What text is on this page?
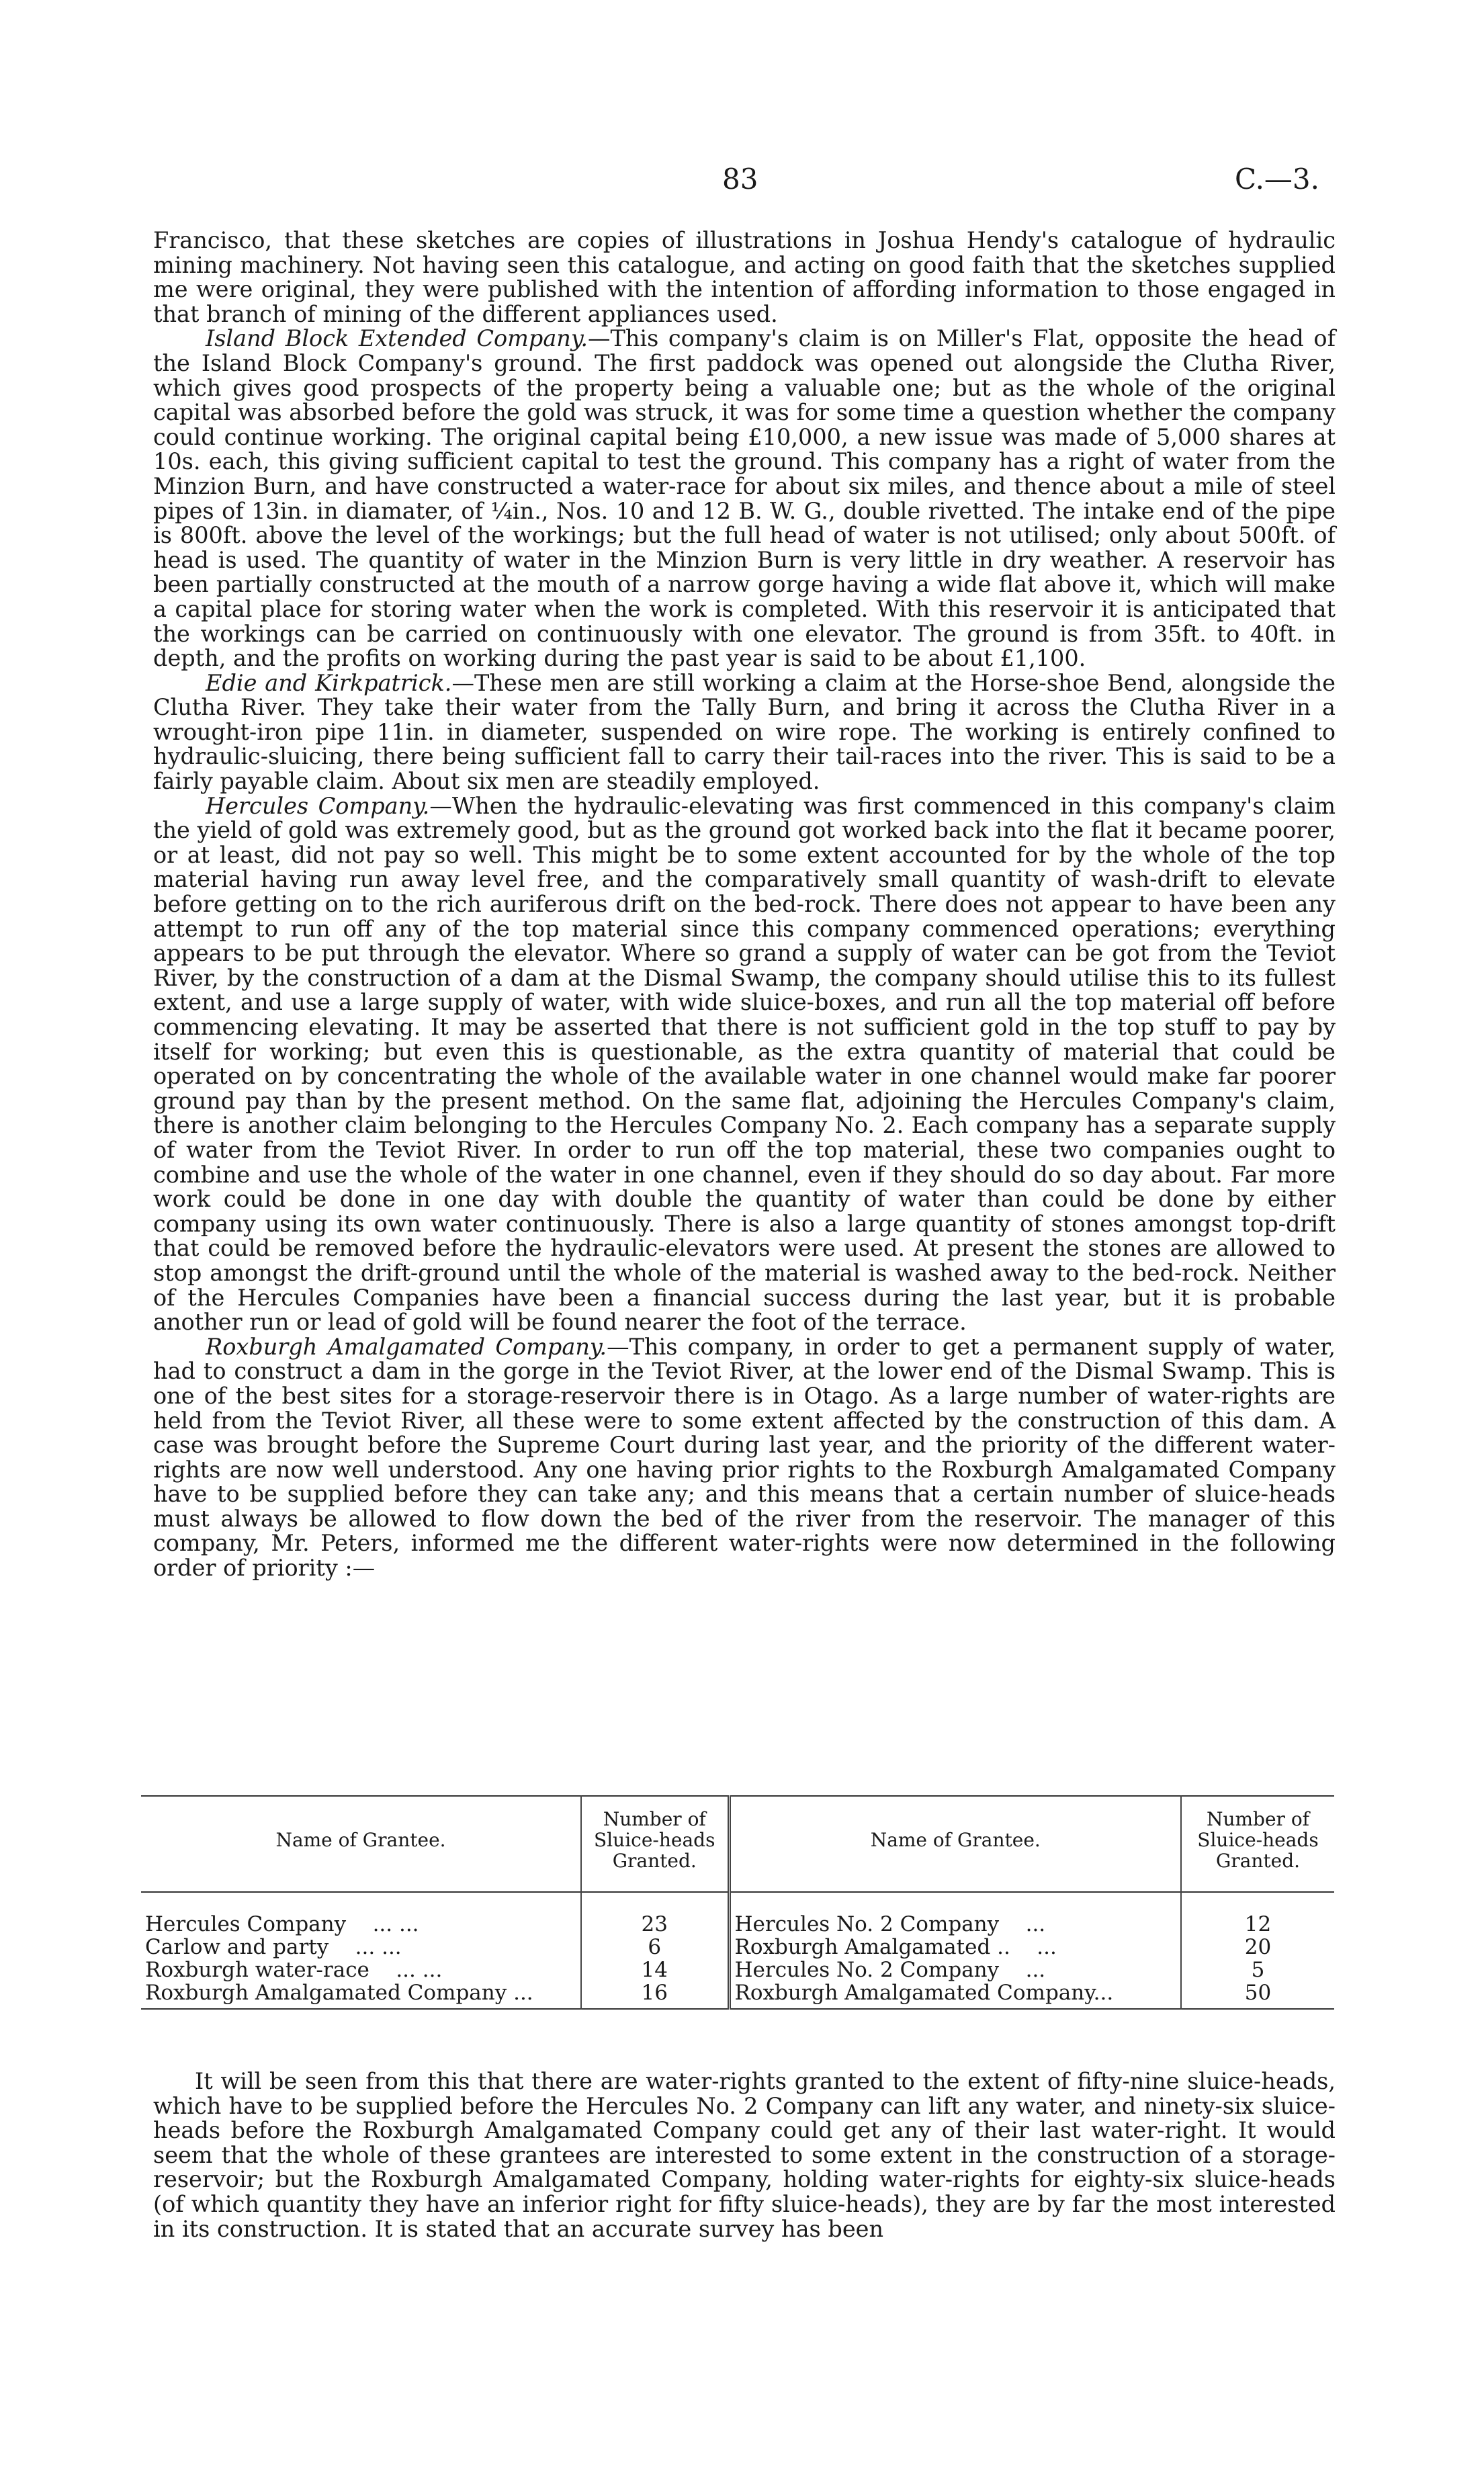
83	C.—3.

Francisco, that these sketches are copies of illustrations in Joshua Hendy's catalogue of hydraulic mining machinery. Not having seen this catalogue, and acting on good faith that the sketches supplied me were original, they were published with the intention of affording information to those engaged in that branch of mining of the different appliances used.

Island Block Extended Company.—This company's claim is on Miller's Flat, opposite the head of the Island Block Company's ground. The first paddock was opened out alongside the Clutha River, which gives good prospects of the property being a valuable one; but as the whole of the original capital was absorbed before the gold was struck, it was for some time a question whether the company could continue working. The original capital being £10,000, a new issue was made of 5,000 shares at 10s. each, this giving sufficient capital to test the ground. This company has a right of water from the Minzion Burn, and have constructed a water-race for about six miles, and thence about a mile of steel pipes of 13in. in diamater, of ¼in., Nos. 10 and 12 B. W. G., double rivetted. The intake end of the pipe is 800ft. above the level of the workings; but the full head of water is not utilised; only about 500ft. of head is used. The quantity of water in the Minzion Burn is very little in dry weather. A reservoir has been partially constructed at the mouth of a narrow gorge having a wide flat above it, which will make a capital place for storing water when the work is completed. With this reservoir it is anticipated that the workings can be carried on continuously with one elevator. The ground is from 35ft. to 40ft. in depth, and the profits on working during the past year is said to be about £1,100.

Edie and Kirkpatrick.—These men are still working a claim at the Horse-shoe Bend, alongside the Clutha River. They take their water from the Tally Burn, and bring it across the Clutha River in a wrought-iron pipe 11in. in diameter, suspended on wire rope. The working is entirely confined to hydraulic-sluicing, there being sufficient fall to carry their tail-races into the river. This is said to be a fairly payable claim. About six men are steadily employed.

Hercules Company.—When the hydraulic-elevating was first commenced in this company's claim the yield of gold was extremely good, but as the ground got worked back into the flat it became poorer, or at least, did not pay so well. This might be to some extent accounted for by the whole of the top material having run away level free, and the comparatively small quantity of wash-drift to elevate before getting on to the rich auriferous drift on the bed-rock. There does not appear to have been any attempt to run off any of the top material since this company commenced operations; everything appears to be put through the elevator. Where so grand a supply of water can be got from the Teviot River, by the construction of a dam at the Dismal Swamp, the company should utilise this to its fullest extent, and use a large supply of water, with wide sluice-boxes, and run all the top material off before commencing elevating. It may be asserted that there is not sufficient gold in the top stuff to pay by itself for working; but even this is questionable, as the extra quantity of material that could be operated on by concentrating the whole of the available water in one channel would make far poorer ground pay than by the present method. On the same flat, adjoining the Hercules Company's claim, there is another claim belonging to the Hercules Company No. 2. Each company has a separate supply of water from the Teviot River. In order to run off the top material, these two companies ought to combine and use the whole of the water in one channel, even if they should do so day about. Far more work could be done in one day with double the quantity of water than could be done by either company using its own water continuously. There is also a large quantity of stones amongst top-drift that could be removed before the hydraulic-elevators were used. At present the stones are allowed to stop amongst the drift-ground until the whole of the material is washed away to the bed-rock. Neither of the Hercules Companies have been a financial success during the last year, but it is probable another run or lead of gold will be found nearer the foot of the terrace.

Roxburgh Amalgamated Company.—This company, in order to get a permanent supply of water, had to construct a dam in the gorge in the Teviot River, at the lower end of the Dismal Swamp. This is one of the best sites for a storage-reservoir there is in Otago. As a large number of water-rights are held from the Teviot River, all these were to some extent affected by the construction of this dam. A case was brought before the Supreme Court during last year, and the priority of the different water-rights are now well understood. Any one having prior rights to the Roxburgh Amalgamated Company have to be supplied before they can take any; and this means that a certain number of sluice-heads must always be allowed to flow down the bed of the river from the reservoir. The manager of this company, Mr. Peters, informed me the different water-rights were now determined in the following order of priority :—

Name of Grantee.	Number of Sluice-heads Granted.	Name of Grantee.	Number of Sluice-heads Granted.
Hercules Company ... ...	23	Hercules No. 2 Company ...	12
Carlow and party ... ...	6	Roxburgh Amalgamated .. ...	20
Roxburgh water-race ... ...	14	Hercules No. 2 Company ...	5
Roxburgh Amalgamated Company ...	16	Roxburgh Amalgamated Company...	50

It will be seen from this that there are water-rights granted to the extent of fifty-nine sluice-heads, which have to be supplied before the Hercules No. 2 Company can lift any water, and ninety-six sluice-heads before the Roxburgh Amalgamated Company could get any of their last water-right. It would seem that the whole of these grantees are interested to some extent in the construction of a storage-reservoir; but the Roxburgh Amalgamated Company, holding water-rights for eighty-six sluice-heads (of which quantity they have an inferior right for fifty sluice-heads), they are by far the most interested in its construction. It is stated that an accurate survey has been
